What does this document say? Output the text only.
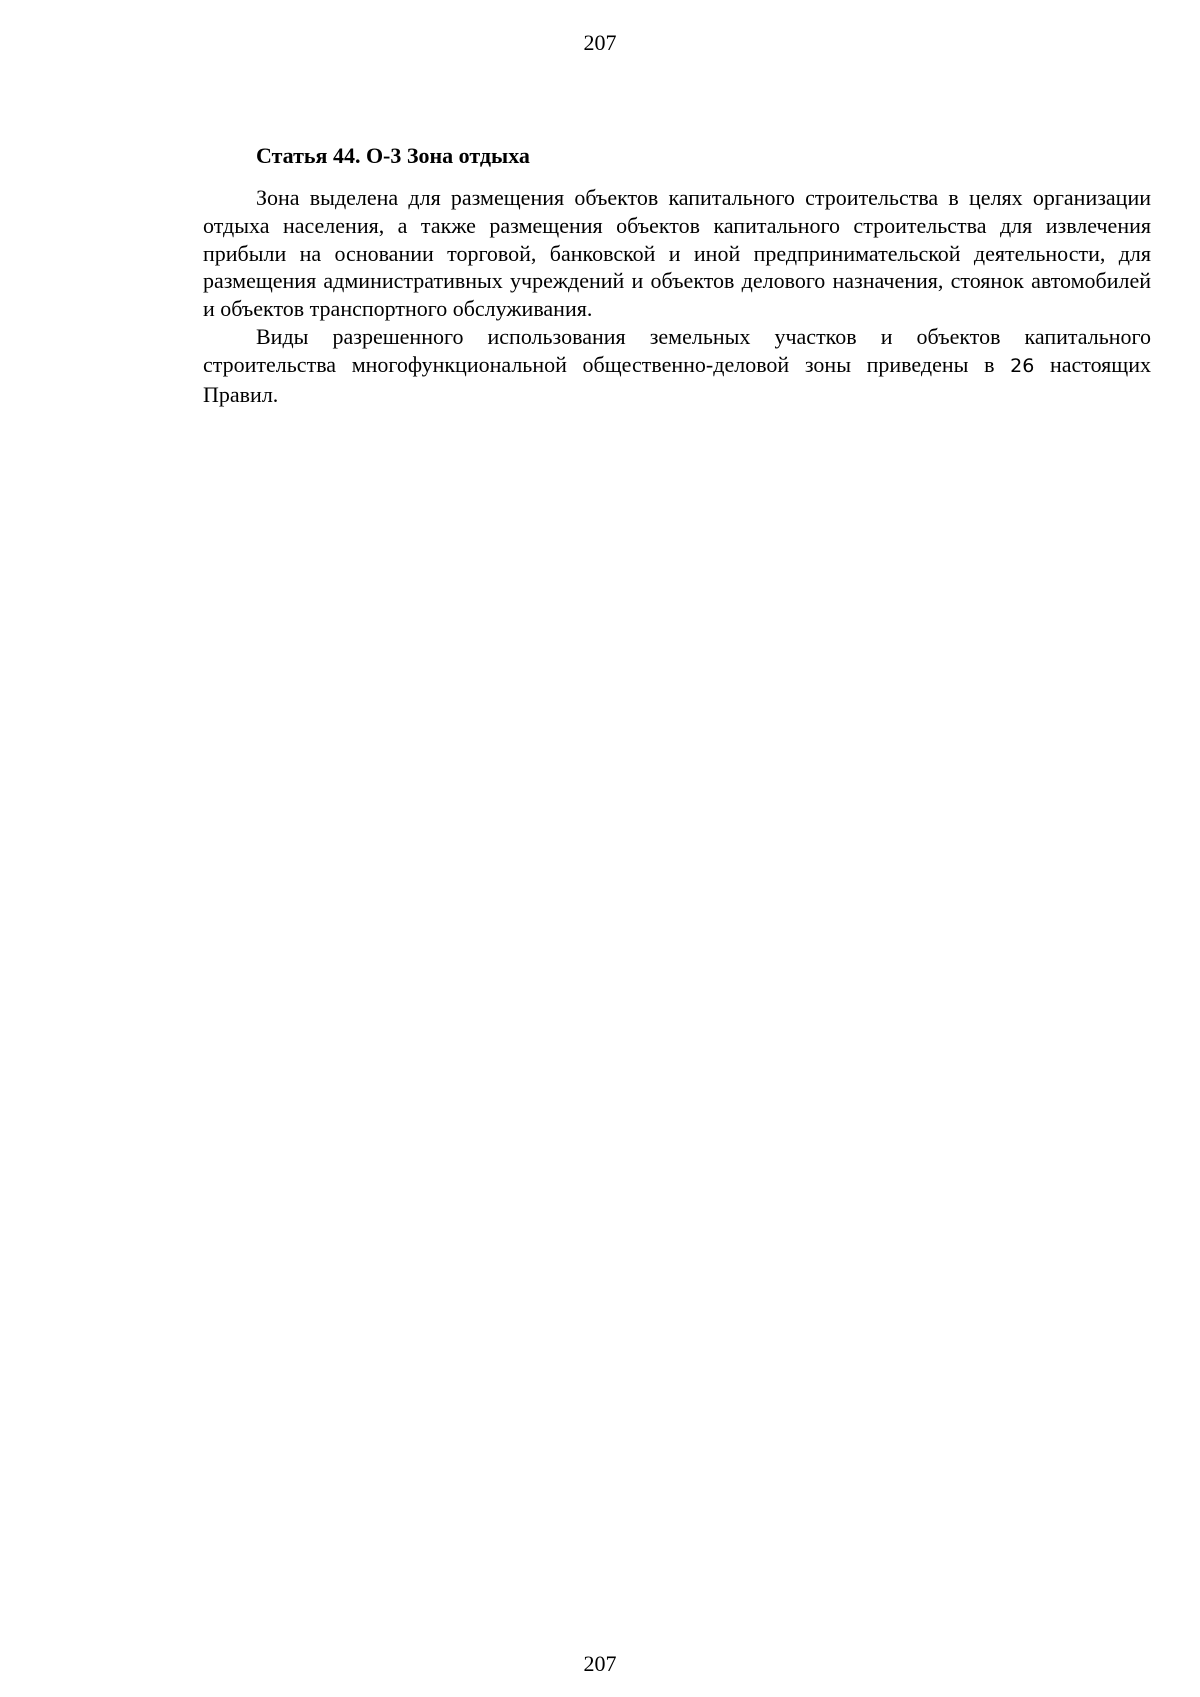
207
Статья 44. О-3 Зона отдыха

Зона выделена для размещения объектов капитального строительства в целях организации отдыха населения, а также размещения объектов капитального строительства для извлечения прибыли на основании торговой, банковской и иной предпринимательской деятельности, для размещения административных учреждений и объектов делового назначения, стоянок автомобилей и объектов транспортного обслуживания.

Виды разрешенного использования земельных участков и объектов капитального строительства многофункциональной общественно-деловой зоны приведены в 26 настоящих Правил.

207
